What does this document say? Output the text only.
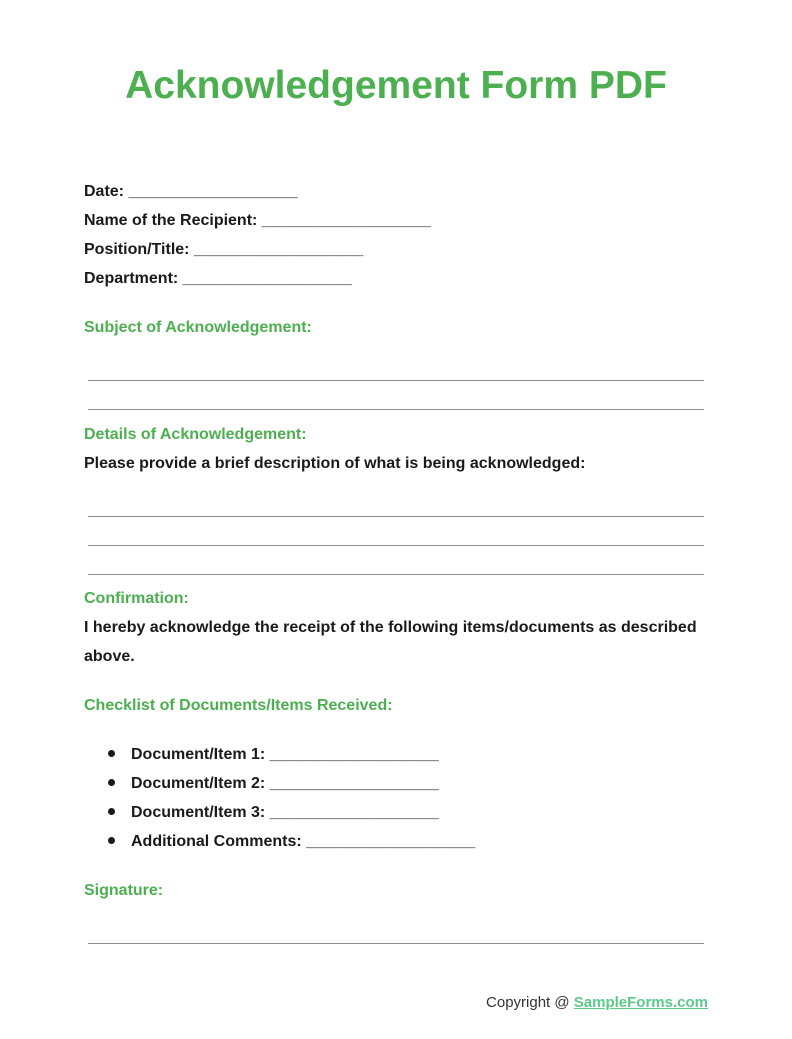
Acknowledgement Form PDF
Date: ___________________
Name of the Recipient: ___________________
Position/Title: ___________________
Department: ___________________
Subject of Acknowledgement:
Details of Acknowledgement:
Please provide a brief description of what is being acknowledged:
Confirmation:
I hereby acknowledge the receipt of the following items/documents as described above.
Checklist of Documents/Items Received:
Document/Item 1: ___________________
Document/Item 2: ___________________
Document/Item 3: ___________________
Additional Comments: ___________________
Signature:
Copyright @ SampleForms.com
